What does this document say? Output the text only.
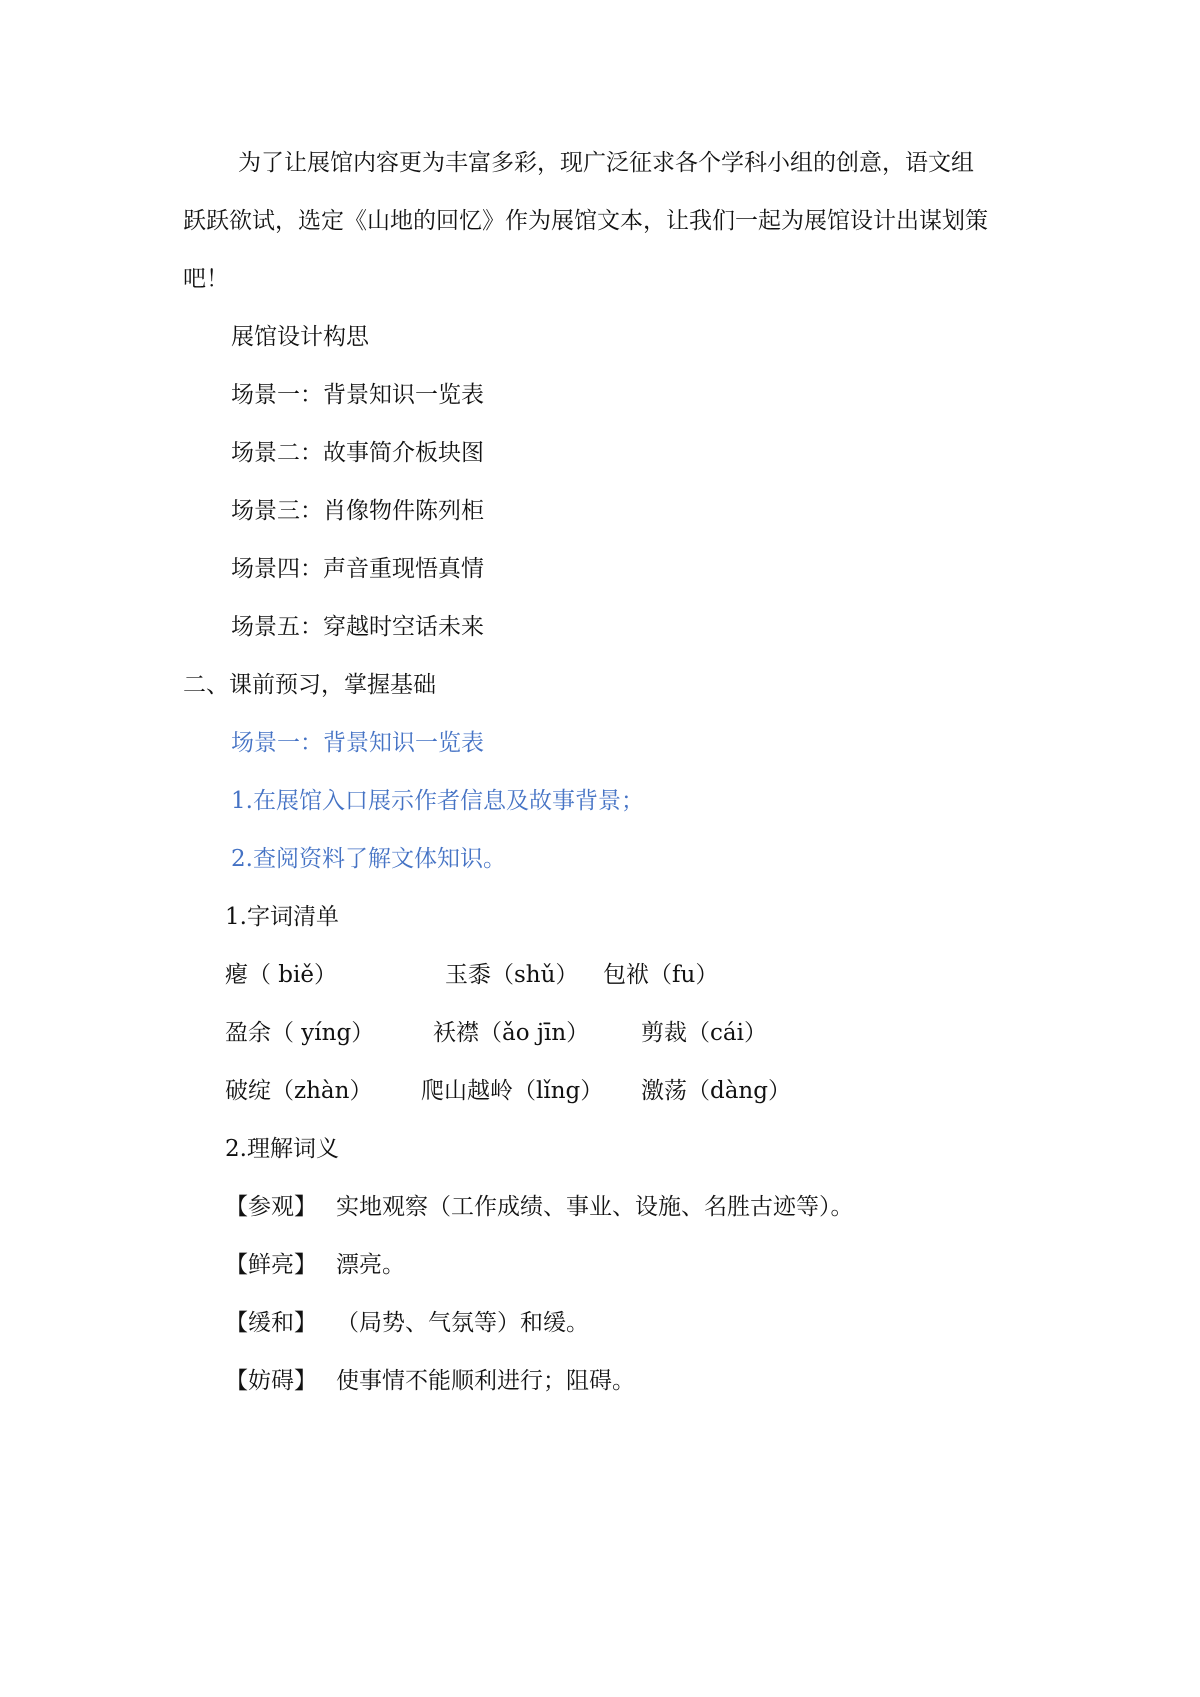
为了让展馆内容更为丰富多彩，现广泛征求各个学科小组的创意，语文组
跃跃欲试，选定《山地的回忆》作为展馆文本，让我们一起为展馆设计出谋划策
吧！
展馆设计构思
场景一：背景知识一览表
场景二：故事简介板块图
场景三：肖像物件陈列柜
场景四：声音重现悟真情
场景五：穿越时空话未来
二、课前预习，掌握基础
场景一：背景知识一览表
1.在展馆入口展示作者信息及故事背景；
2.查阅资料了解文体知识。
1.字词清单
瘪（ biě）	玉黍（shǔ） 包袱（fu）
盈余（ yíng）	袄襟（ǎo jīn） 剪裁（cái）
破绽（zhàn） 爬山越岭（lǐng） 激荡（dàng）
2.理解词义
【参观】 实地观察（工作成绩、事业、设施、名胜古迹等）。
【鲜亮】 漂亮。
【缓和】 （局势、气氛等）和缓。
【妨碍】 使事情不能顺利进行；阻碍。
